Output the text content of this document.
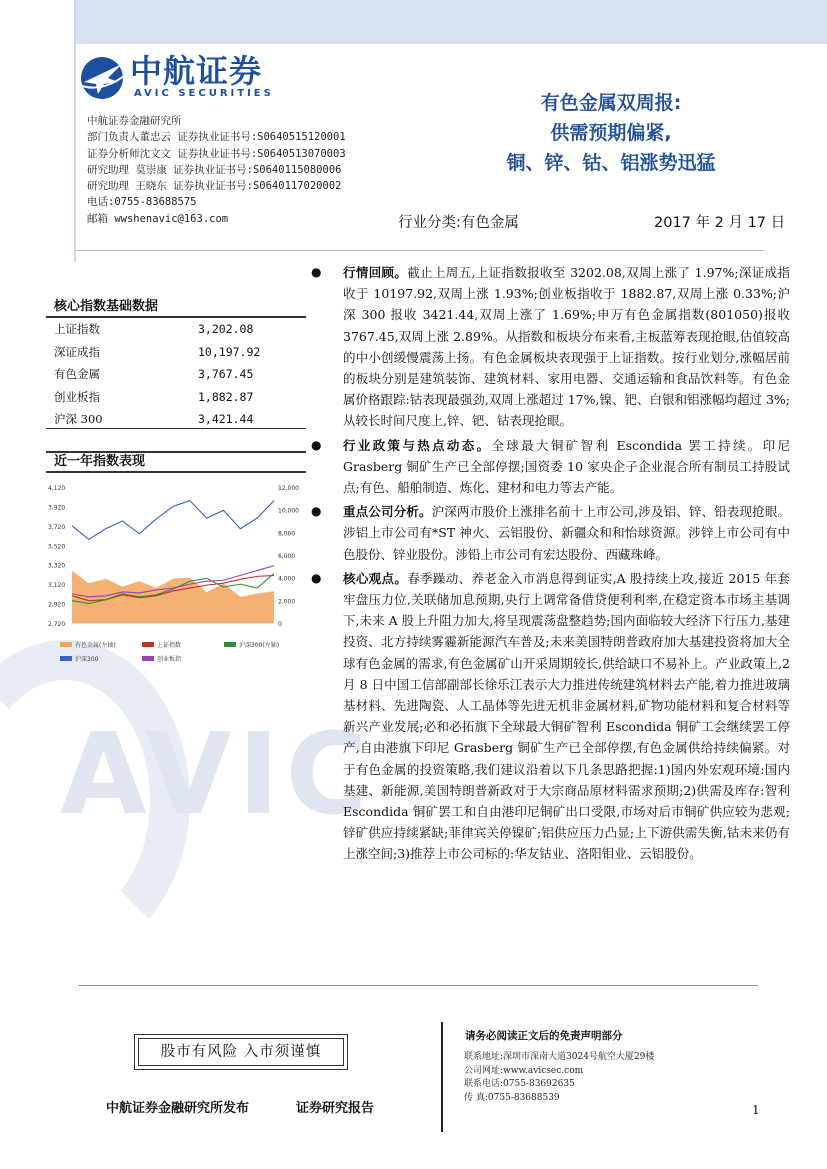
AVIC
中航证券
AVIC SECURITIES	有色金属双周报:
供需预期偏紧,
铜、锌、钴、铝涨势迅猛
中航证券金融研究所
部门负责人董忠云 证券执业证书号:S0640515120001
证券分析师沈文文 证券执业证书号:S0640513070003
研究助理 莫崇康 证券执业证书号:S0640115080006
研究助理 王晓东 证券执业证书号:S0640117020002
电话:0755-83688575
邮箱 wwshenavic@163.com	行业分类:有色金属	2017 年 2 月 17 日
核心指数基础数据
上证指数	3,202.08
深证成指	10,197.92
有色金属	3,767.45
创业板指	1,882.87
沪深 300	3,421.44
近一年指数表现
4,120
3,920
3,720
3,520
3,320
3,120
2,920
2,720
12,000
10,000
8,000
6,000
4,000
2,000
0
有色金属(左轴)	上证指数	沪深300(左轴)
沪深300	创业板指
● 行情回顾。截止上周五,上证指数报收至 3202.08,双周上涨了 1.97%;深证成指收于 10197.92,双周上涨 1.93%;创业板指收于 1882.87,双周上涨 0.33%;沪深 300 报收 3421.44,双周上涨了 1.69%;申万有色金属指数(801050)报收 3767.45,双周上涨 2.89%。从指数和板块分布来看,主板蓝筹表现抢眼,估值较高的中小创缓慢震荡上扬。有色金属板块表现强于上证指数。按行业划分,涨幅居前的板块分别是建筑装饰、建筑材料、家用电器、交通运输和食品饮料等。有色金属价格跟踪:钴表现最强劲,双周上涨超过 17%,镍、钯、白银和铝涨幅均超过 3%;从较长时间尺度上,锌、钯、钴表现抢眼。
● 行业政策与热点动态。全球最大铜矿智利 Escondida 罢工持续。印尼 Grasberg 铜矿生产已全部停摆;国资委 10 家央企子企业混合所有制员工持股试点;有色、船舶制造、炼化、建材和电力等去产能。
● 重点公司分析。沪深两市股价上涨排名前十上市公司,涉及铝、锌、铅表现抢眼。涉铝上市公司有*ST 神火、云铝股份、新疆众和和怡球资源。涉锌上市公司有中色股份、锌业股份。涉铅上市公司有宏达股份、西藏珠峰。
● 核心观点。春季躁动、养老金入市消息得到证实,A 股持续上攻,接近 2015 年套牢盘压力位,关联储加息预期,央行上调常备借贷便利利率,在稳定资本市场主基调下,未来 A 股上升阻力加大,将呈现震荡盘整趋势;国内面临较大经济下行压力,基建投资、北方持续雾霾新能源汽车普及;未来美国特朗普政府加大基建投资将加大全球有色金属的需求,有色金属矿山开采周期较长,供给缺口不易补上。产业政策上,2 月 8 日中国工信部副部长徐乐江表示大力推进传统建筑材料去产能,着力推进玻璃基材料、先进陶瓷、人工晶体等先进无机非金属材料,矿物功能材料和复合材料等新兴产业发展;必和必拓旗下全球最大铜矿智利 Escondida 铜矿工会继续罢工停产,自由港旗下印尼 Grasberg 铜矿生产已全部停摆,有色金属供给持续偏紧。对于有色金属的投资策略,我们建议沿着以下几条思路把握:1)国内外宏观环境:国内基建、新能源,美国特朗普新政对于大宗商品原材料需求预期;2)供需及库存:智利 Escondida 铜矿罢工和自由港印尼铜矿出口受限,市场对后市铜矿供应较为悲观;锌矿供应持续紧缺;菲律宾关停镍矿;铝供应压力凸显;上下游供需失衡,钴未来仍有上涨空间;3)推荐上市公司标的:华友钴业、洛阳钼业、云铝股份。
股市有风险 入市须谨慎
请务必阅读正文后的免责声明部分
联系地址:深圳市深南大道3024号航空大厦29楼
公司网址:www.avicsec.com
联系电话:0755-83692635
传 真:0755-83688539
中航证券金融研究所发布	证券研究报告	1
